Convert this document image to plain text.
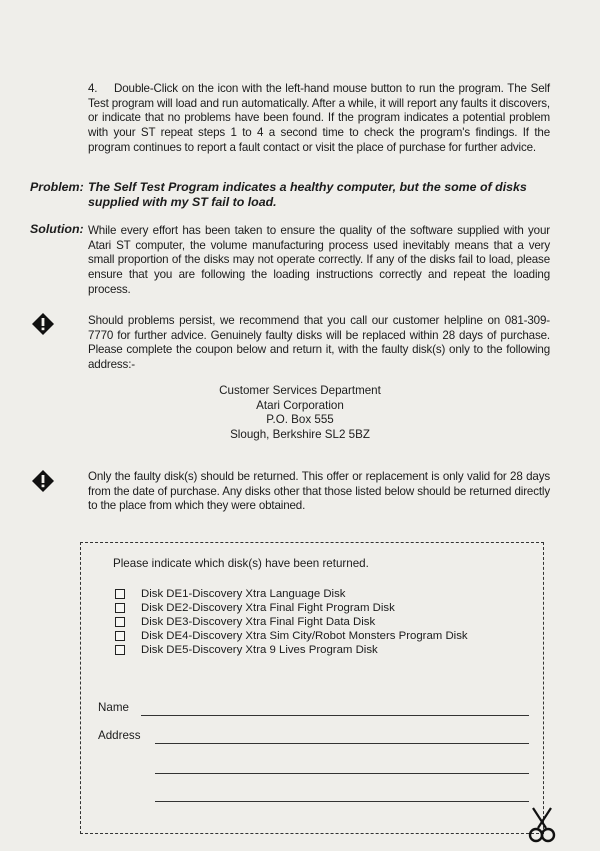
4. Double-Click on the icon with the left-hand mouse button to run the program. The Self Test program will load and run automatically. After a while, it will report any faults it discovers, or indicate that no problems have been found. If the program indicates a potential problem with your ST repeat steps 1 to 4 a second time to check the program's findings. If the program continues to report a fault contact or visit the place of purchase for further advice.
Problem: The Self Test Program indicates a healthy computer, but the some of disks supplied with my ST fail to load.
Solution: While every effort has been taken to ensure the quality of the software supplied with your Atari ST computer, the volume manufacturing process used inevitably means that a very small proportion of the disks may not operate correctly. If any of the disks fail to load, please ensure that you are following the loading instructions correctly and repeat the loading process.
Should problems persist, we recommend that you call our customer helpline on 081-309-7770 for further advice. Genuinely faulty disks will be replaced within 28 days of purchase. Please complete the coupon below and return it, with the faulty disk(s) only to the following address:-
Customer Services Department
Atari Corporation
P.O. Box 555
Slough, Berkshire SL2 5BZ
Only the faulty disk(s) should be returned. This offer or replacement is only valid for 28 days from the date of purchase. Any disks other that those listed below should be returned directly to the place from which they were obtained.
Please indicate which disk(s) have been returned.
Disk DE1-Discovery Xtra Language Disk
Disk DE2-Discovery Xtra Final Fight Program Disk
Disk DE3-Discovery Xtra Final Fight Data Disk
Disk DE4-Discovery Xtra Sim City/Robot Monsters Program Disk
Disk DE5-Discovery Xtra 9 Lives Program Disk
Name
Address
